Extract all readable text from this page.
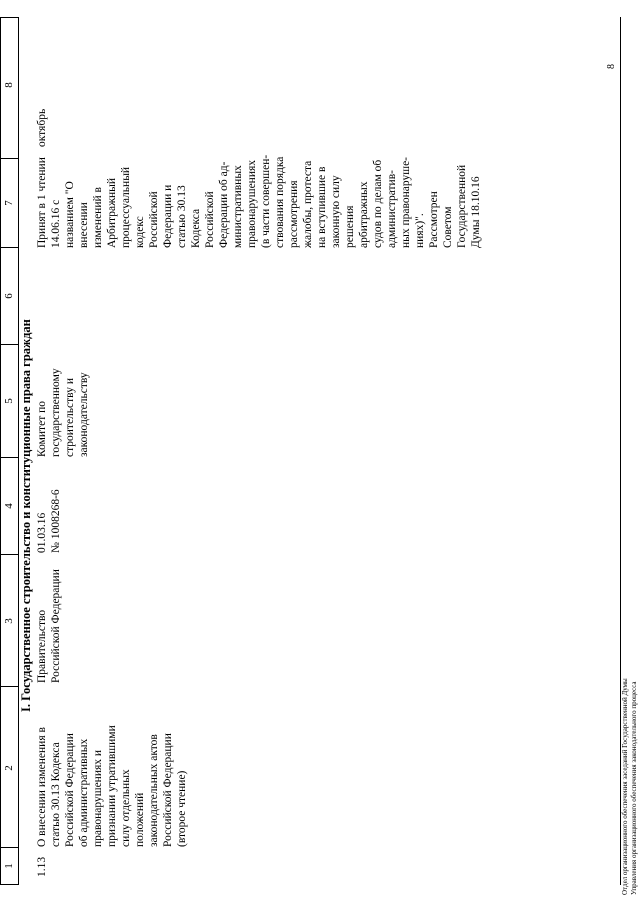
1
2
3
4
5
6
7
8
I. Государственное строительство и конституционные права граждан
1.13
О внесении изменения в
статью 30.13 Кодекса
Российской Федерации
об административных
правонарушениях и
признании утратившими
силу отдельных
положений
законодательных актов
Российской Федерации
(второе чтение)
Правительство
Российской Федерации
01.03.16
№ 1008268-6
Комитет по
государственному
строительству и
законодательству
Принят в 1 чтении
14.06.16 с
названием "О
внесении
изменений в
Арбитражный
процессуальный
кодекс
Российской
Федерации и
статью 30.13
Кодекса
Российской
Федерации об ад-
министративных
правонарушениях
(в части совершен-
ствования порядка
рассмотрения
жалобы, протеста
на вступившие в
законную силу
решения
арбитражных
судов по делам об
административ-
ных правонаруше-
ниях)".
Рассмотрен
Советом
Государственной
Думы 18.10.16
октябрь
Отдел организационного обеспечения заседаний Государственной Думы Управления организационного обеспечения законодательного процесса
8
